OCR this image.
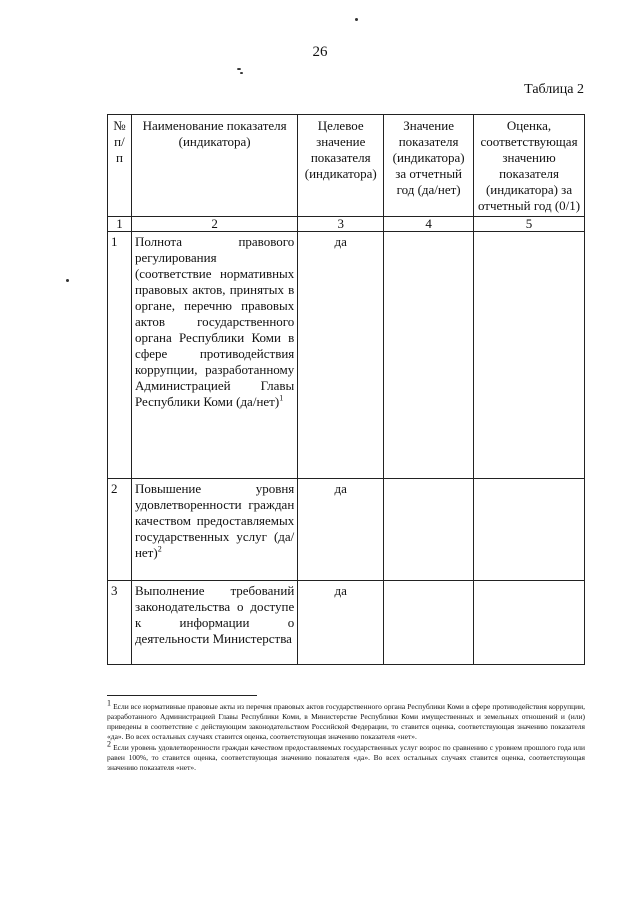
26
Таблица 2
№ п/п	Наименование показателя (индикатора)	Целевое значение показателя (индикатора)	Значение показателя (индикатора) за отчетный год (да/нет)	Оценка, соответствующая значению показателя (индикатора) за отчетный год (0/1)
1	2	3	4	5
1	Полнота правового регулирования (соответствие нормативных правовых актов, принятых в органе, перечню правовых актов государственного органа Республики Коми в сфере противодействия коррупции, разработанному Администрацией Главы Республики Коми $(да/нет)^1$	да		
2	Повышение уровня удовлетворенности граждан качеством предоставляемых государственных услуг $(да/нет)^2$	да		
3	Выполнение требований законодательства о доступе к информации о деятельности Министерства	да		

$^1$ Если все нормативные правовые акты из перечня правовых актов государственного органа Республики Коми в сфере противодействия коррупции, разработанного Администрацией Главы Республики Коми, в Министерстве Республики Коми имущественных и земельных отношений и (или) приведены в соответствие с действующим законодательством Российской Федерации, то ставится оценка, соответствующая значению показателя «да». Во всех остальных случаях ставится оценка, соответствующая значению показателя «нет».

$^2$ Если уровень удовлетворенности граждан качеством предоставляемых государственных услуг возрос по сравнению с уровнем прошлого года или равен 100%, то ставится оценка, соответствующая значению показателя «да». Во всех остальных случаях ставится оценка, соответствующая значению показателя «нет».
